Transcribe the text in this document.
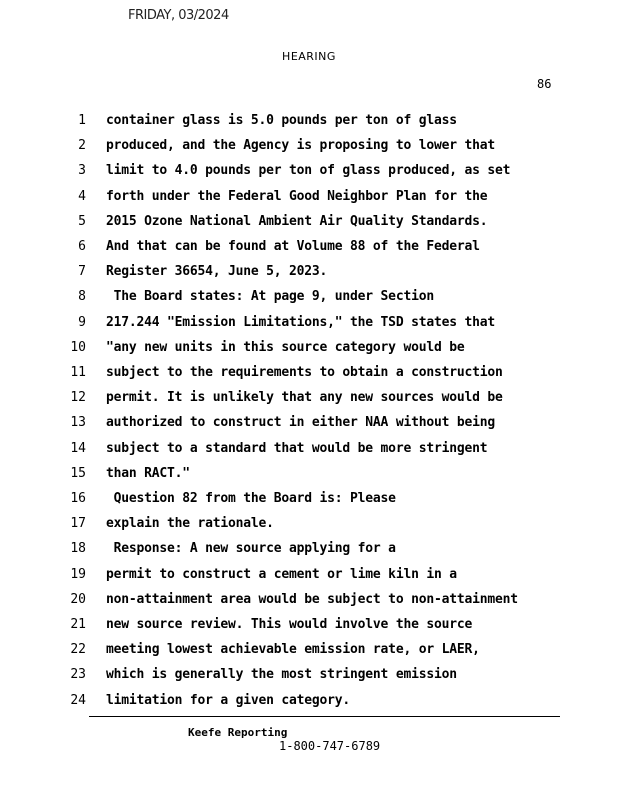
FRIDAY, 03/2024
HEARING
86
1 container glass is 5.0 pounds per ton of glass
2 produced, and the Agency is proposing to lower that
3 limit to 4.0 pounds per ton of glass produced, as set
4 forth under the Federal Good Neighbor Plan for the
5 2015 Ozone National Ambient Air Quality Standards.
6 And that can be found at Volume 88 of the Federal
7 Register 36654, June 5, 2023.
8 The Board states: At page 9, under Section
9 217.244 "Emission Limitations," the TSD states that
10 "any new units in this source category would be
11 subject to the requirements to obtain a construction
12 permit. It is unlikely that any new sources would be
13 authorized to construct in either NAA without being
14 subject to a standard that would be more stringent
15 than RACT."
16 Question 82 from the Board is: Please
17 explain the rationale.
18 Response: A new source applying for a
19 permit to construct a cement or lime kiln in a
20 non-attainment area would be subject to non-attainment
21 new source review. This would involve the source
22 meeting lowest achievable emission rate, or LAER,
23 which is generally the most stringent emission
24 limitation for a given category.
Keefe Reporting
1-800-747-6789
